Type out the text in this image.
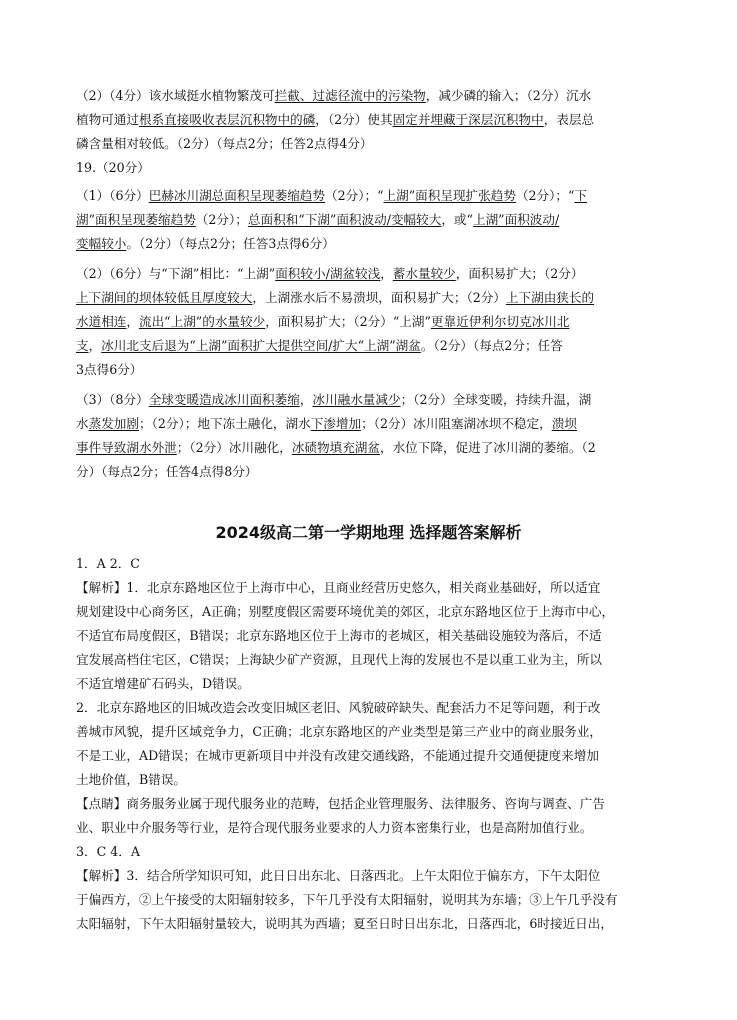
（2）（4分）该水域挺水植物繁茂可拦截、过滤径流中的污染物，减少磷的输入；（2分）沉水
植物可通过根系直接吸收表层沉积物中的磷，（2分）使其固定并埋藏于深层沉积物中，表层总
磷含量相对较低。（2分）（每点2分；任答2点得4分）
19.（20分）
（1）（6分）巴赫冰川湖总面积呈现萎缩趋势（2分）；“上湖”面积呈现扩张趋势（2分）；“下
湖”面积呈现萎缩趋势（2分）；总面积和“下湖”面积波动/变幅较大，或“上湖”面积波动/
变幅较小。（2分）（每点2分；任答3点得6分）
（2）（6分）与“下湖”相比：“上湖”面积较小/湖盆较浅，蓄水量较少，面积易扩大；（2分）
上下湖间的坝体较低且厚度较大，上湖涨水后不易溃坝，面积易扩大；（2分）上下湖由狭长的
水道相连，流出“上湖”的水量较少，面积易扩大；（2分）“上湖”更靠近伊利尔切克冰川北
支，冰川北支后退为“上湖”面积扩大提供空间/扩大“上湖”湖盆。（2分）（每点2分；任答
3点得6分）
（3）（8分）全球变暖造成冰川面积萎缩，冰川融水量减少；（2分）全球变暖，持续升温，湖
水蒸发加剧；（2分）；地下冻土融化，湖水下渗增加；（2分）冰川阻塞湖冰坝不稳定，溃坝
事件导致湖水外泄；（2分）冰川融化，冰碛物填充湖盆，水位下降，促进了冰川湖的萎缩。（2
分）（每点2分；任答4点得8分）
2024级高二第一学期地理 选择题答案解析
1．A 2．C
【解析】1．北京东路地区位于上海市中心，且商业经营历史悠久，相关商业基础好，所以适宜
规划建设中心商务区，A正确；别墅度假区需要环境优美的郊区，北京东路地区位于上海市中心，
不适宜布局度假区，B错误；北京东路地区位于上海市的老城区，相关基础设施较为落后，不适
宜发展高档住宅区，C错误；上海缺少矿产资源，且现代上海的发展也不是以重工业为主，所以
不适宜增建矿石码头，D错误。
2．北京东路地区的旧城改造会改变旧城区老旧、风貌破碎缺失、配套活力不足等问题，利于改
善城市风貌，提升区域竞争力，C正确；北京东路地区的产业类型是第三产业中的商业服务业，
不是工业，AD错误；在城市更新项目中并没有改建交通线路，不能通过提升交通便捷度来增加
土地价值，B错误。
【点睛】商务服务业属于现代服务业的范畴，包括企业管理服务、法律服务、咨询与调查、广告
业、职业中介服务等行业，是符合现代服务业要求的人力资本密集行业，也是高附加值行业。
3．C 4．A
【解析】3．结合所学知识可知，此日日出东北、日落西北。上午太阳位于偏东方，下午太阳位
于偏西方，②上午接受的太阳辐射较多，下午几乎没有太阳辐射，说明其为东墙；③上午几乎没有
太阳辐射，下午太阳辐射量较大，说明其为西墙；夏至日时日出东北，日落西北，6时接近日出，
